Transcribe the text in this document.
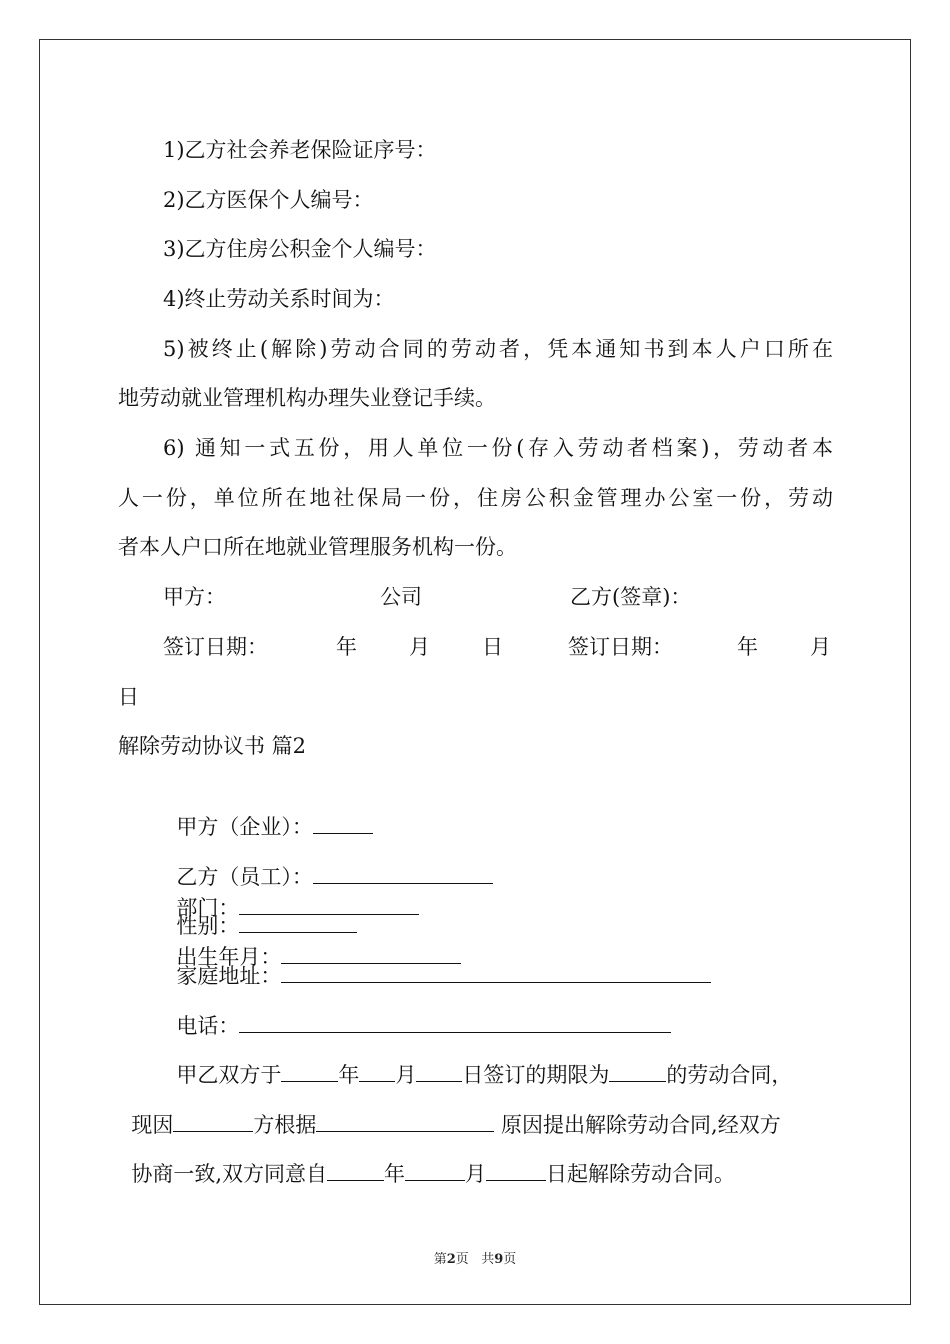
1)乙方社会养老保险证序号：
2)乙方医保个人编号：
3)乙方住房公积金个人编号：
4)终止劳动关系时间为：
5)被终止(解除)劳动合同的劳动者，凭本通知书到本人户口所在
地劳动就业管理机构办理失业登记手续。
6) 通知一式五份，用人单位一份(存入劳动者档案)，劳动者本
人一份，单位所在地社保局一份，住房公积金管理办公室一份，劳动
者本人户口所在地就业管理服务机构一份。
甲方：	公司	乙方(签章)：
签订日期：	年 月 日	签订日期：	年 月
日
解除劳动协议书 篇2

甲方（企业）：

乙方（员工）：
部门：

性别：
出生年月：

家庭地址：

电话：

甲乙双方于	年 月 日签订的期限为	的劳动合同，

现因	方根据	原因提出解除劳动合同,经双方

协商一致,双方同意自	年	月	日起解除劳动合同。

第2页 共9页
